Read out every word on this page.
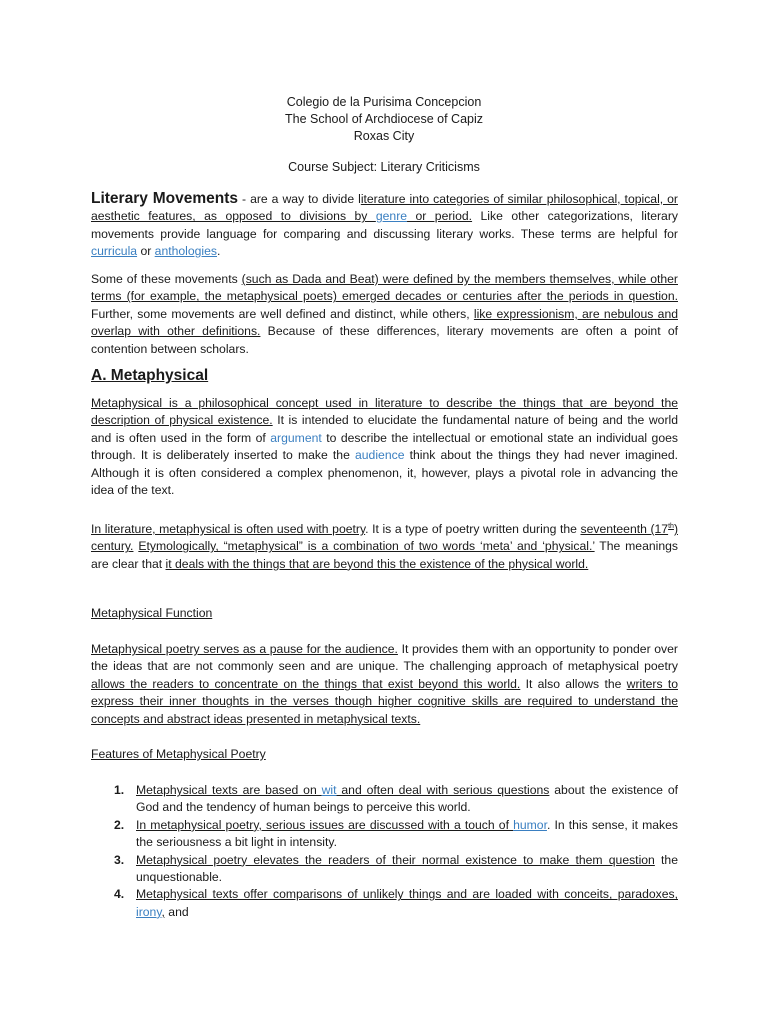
Colegio de la Purisima Concepcion
The School of Archdiocese of Capiz
Roxas City
Course Subject: Literary Criticisms
Literary Movements - are a way to divide literature into categories of similar philosophical, topical, or aesthetic features, as opposed to divisions by genre or period. Like other categorizations, literary movements provide language for comparing and discussing literary works. These terms are helpful for curricula or anthologies.
Some of these movements (such as Dada and Beat) were defined by the members themselves, while other terms (for example, the metaphysical poets) emerged decades or centuries after the periods in question. Further, some movements are well defined and distinct, while others, like expressionism, are nebulous and overlap with other definitions. Because of these differences, literary movements are often a point of contention between scholars.
A. Metaphysical
Metaphysical is a philosophical concept used in literature to describe the things that are beyond the description of physical existence. It is intended to elucidate the fundamental nature of being and the world and is often used in the form of argument to describe the intellectual or emotional state an individual goes through. It is deliberately inserted to make the audience think about the things they had never imagined. Although it is often considered a complex phenomenon, it, however, plays a pivotal role in advancing the idea of the text.
In literature, metaphysical is often used with poetry. It is a type of poetry written during the seventeenth (17th) century. Etymologically, “metaphysical” is a combination of two words ‘meta’ and ‘physical.’ The meanings are clear that it deals with the things that are beyond this the existence of the physical world.
Metaphysical Function
Metaphysical poetry serves as a pause for the audience. It provides them with an opportunity to ponder over the ideas that are not commonly seen and are unique. The challenging approach of metaphysical poetry allows the readers to concentrate on the things that exist beyond this world. It also allows the writers to express their inner thoughts in the verses though higher cognitive skills are required to understand the concepts and abstract ideas presented in metaphysical texts.
Features of Metaphysical Poetry
1. Metaphysical texts are based on wit and often deal with serious questions about the existence of God and the tendency of human beings to perceive this world.
2. In metaphysical poetry, serious issues are discussed with a touch of humor. In this sense, it makes the seriousness a bit light in intensity.
3. Metaphysical poetry elevates the readers of their normal existence to make them question the unquestionable.
4. Metaphysical texts offer comparisons of unlikely things and are loaded with conceits, paradoxes, irony, and
